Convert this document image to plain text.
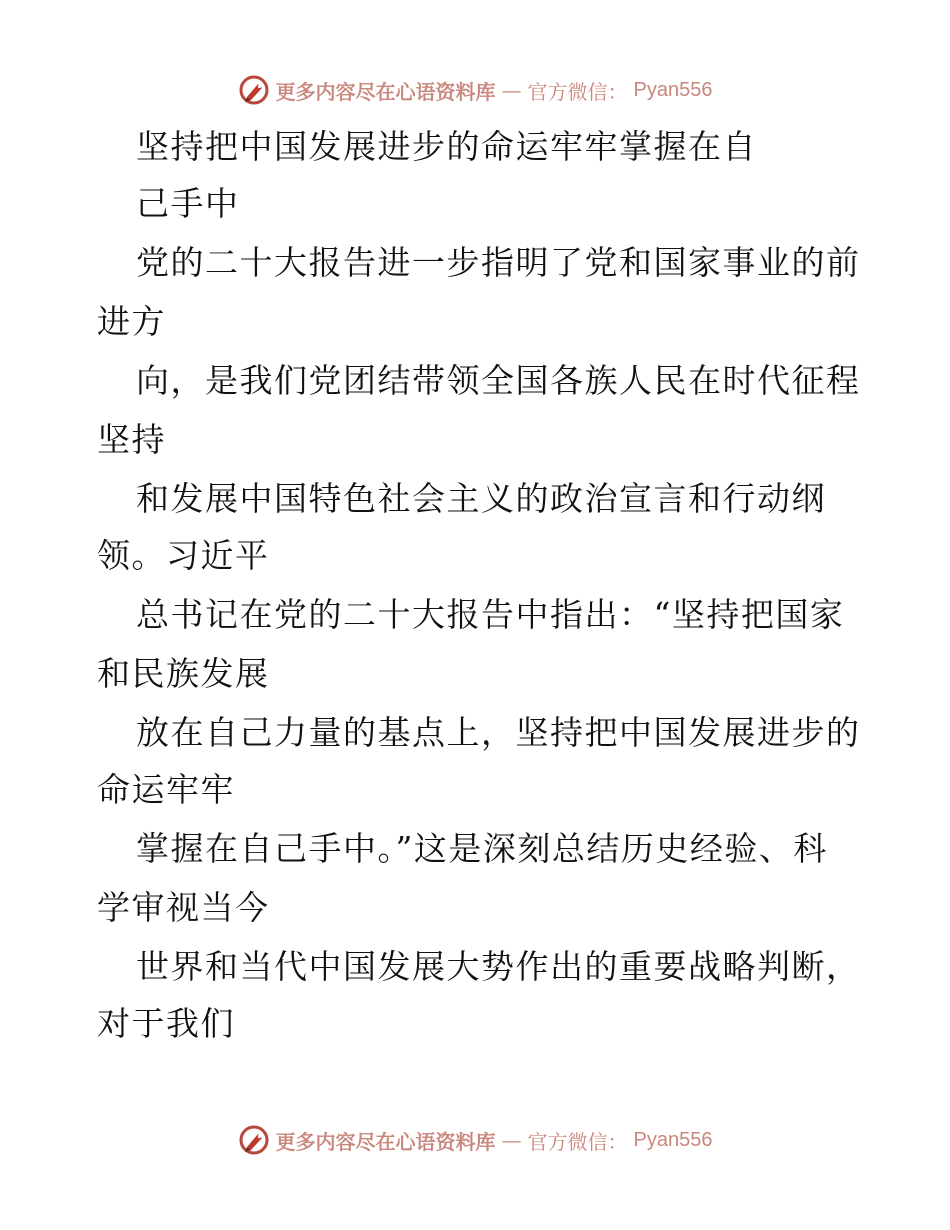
更多内容尽在心语资料库 — 官方微信： Pyan556
坚持把中国发展进步的命运牢牢掌握在自
己手中
党的二十大报告进一步指明了党和国家事业的前
进方
向，是我们党团结带领全国各族人民在时代征程
坚持
和发展中国特色社会主义的政治宣言和行动纲
领。习近平
总书记在党的二十大报告中指出：“坚持把国家
和民族发展
放在自己力量的基点上，坚持把中国发展进步的
命运牢牢
掌握在自己手中。”这是深刻总结历史经验、科
学审视当今
世界和当代中国发展大势作出的重要战略判断，
对于我们
更多内容尽在心语资料库 — 官方微信： Pyan556
